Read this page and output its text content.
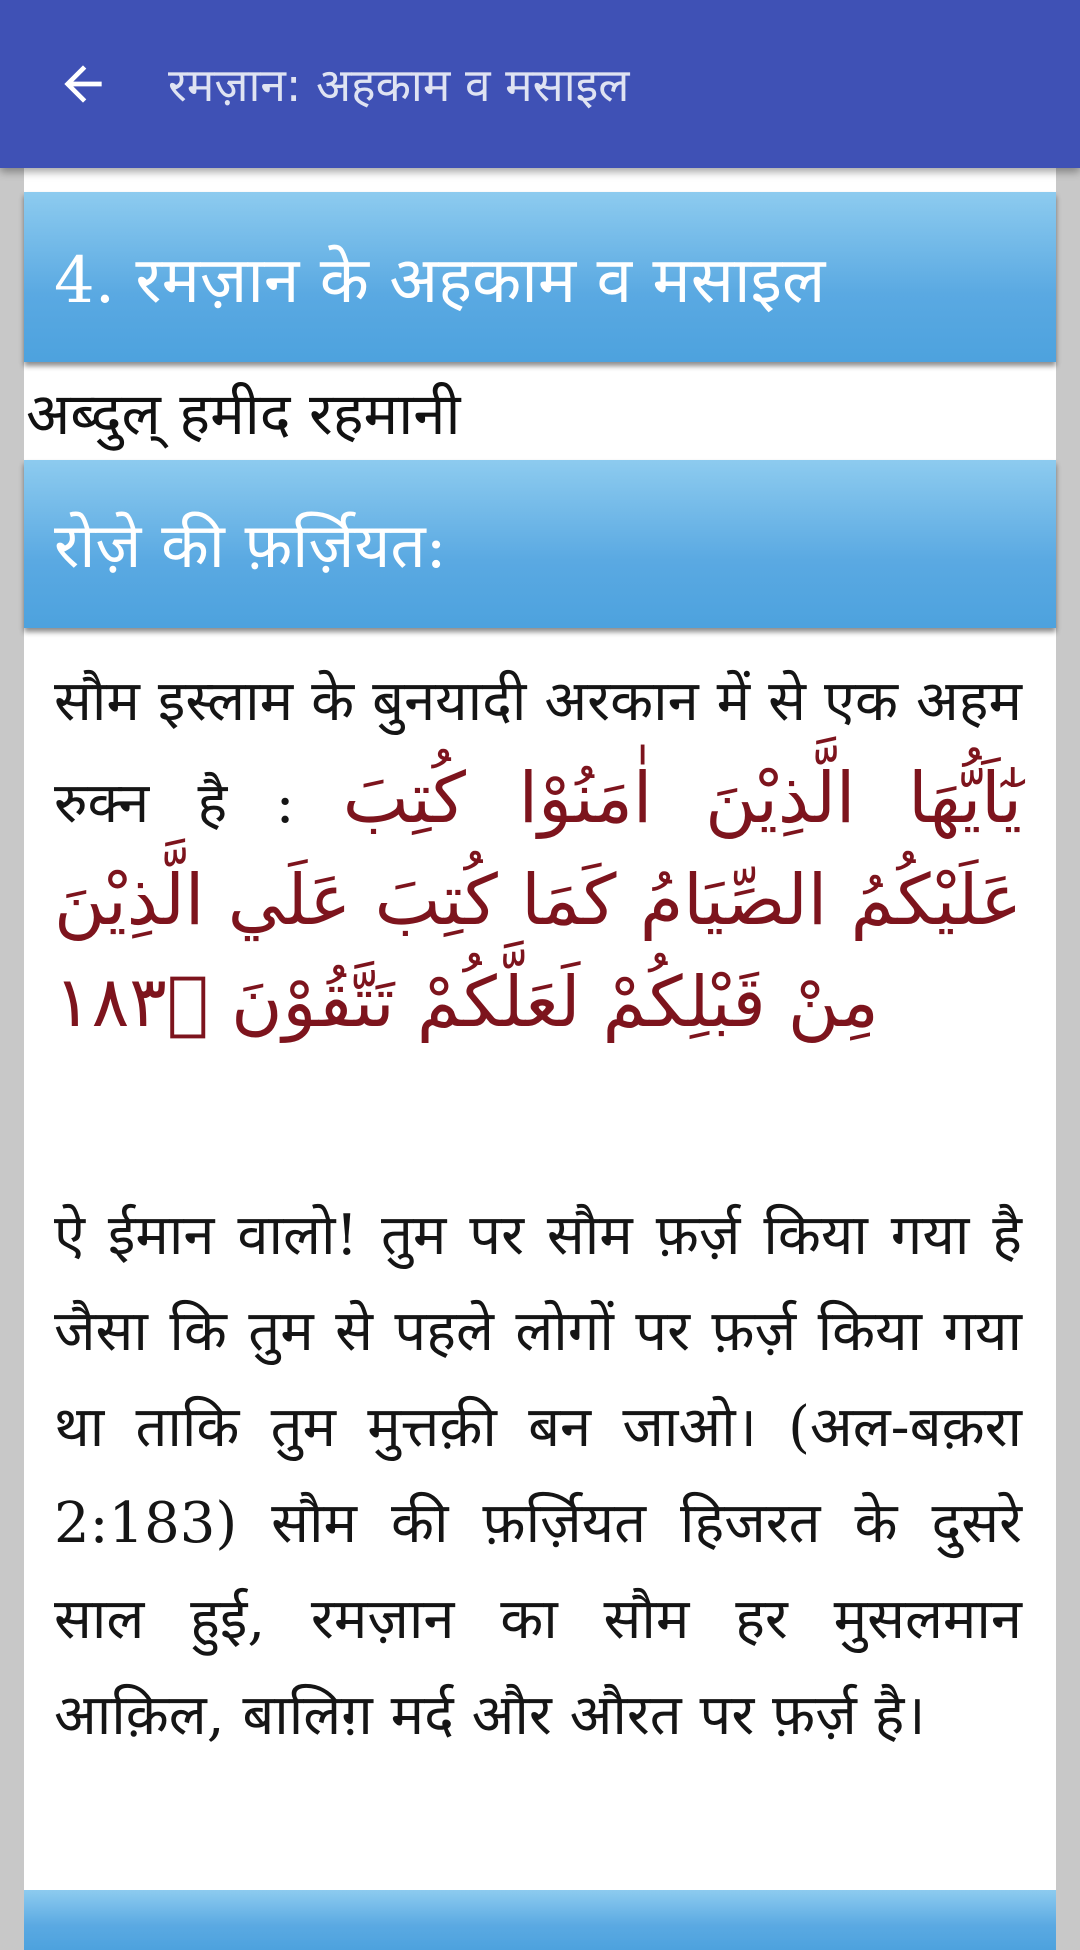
रमज़ान: अहकाम व मसाइल
4. रमज़ान के अहकाम व मसाइल
अब्दुल् हमीद रहमानी
रोज़े की फ़र्ज़ियत:
सौम इस्लाम के बुनयादी अरकान में से एक अहम रुक्न है : يٰٓاَيُّهَا الَّذِيْنَ اٰمَنُوْا كُتِبَ عَلَيْكُمُ الصِّيَامُ كَمَا كُتِبَ عَلَي الَّذِيْنَ مِنْ قَبْلِكُمْ لَعَلَّكُمْ تَتَّقُوْنَ ١٨٣ۙ
ऐ ईमान वालो! तुम पर सौम फ़र्ज़ किया गया है जैसा कि तुम से पहले लोगों पर फ़र्ज़ किया गया था ताकि तुम मुत्तक़ी बन जाओ। (अल-बक़रा 2:183) सौम की फ़र्ज़ियत हिजरत के दुसरे साल हुई, रमज़ान का सौम हर मुसलमान आक़िल, बालिग़ मर्द और औरत पर फ़र्ज़ है।
